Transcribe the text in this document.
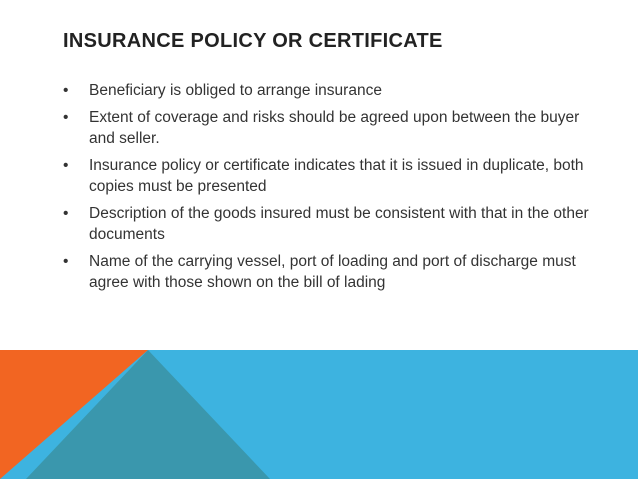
INSURANCE POLICY OR CERTIFICATE
•	Beneficiary is obliged to arrange insurance
•	Extent of coverage and risks should be agreed upon between the buyer and seller.
•	Insurance policy or certificate indicates that it is issued in duplicate, both copies must be presented
•	Description of the goods insured must be consistent with that in the other documents
•	Name of the carrying vessel, port of loading and port of discharge must agree with those shown on the bill of lading
